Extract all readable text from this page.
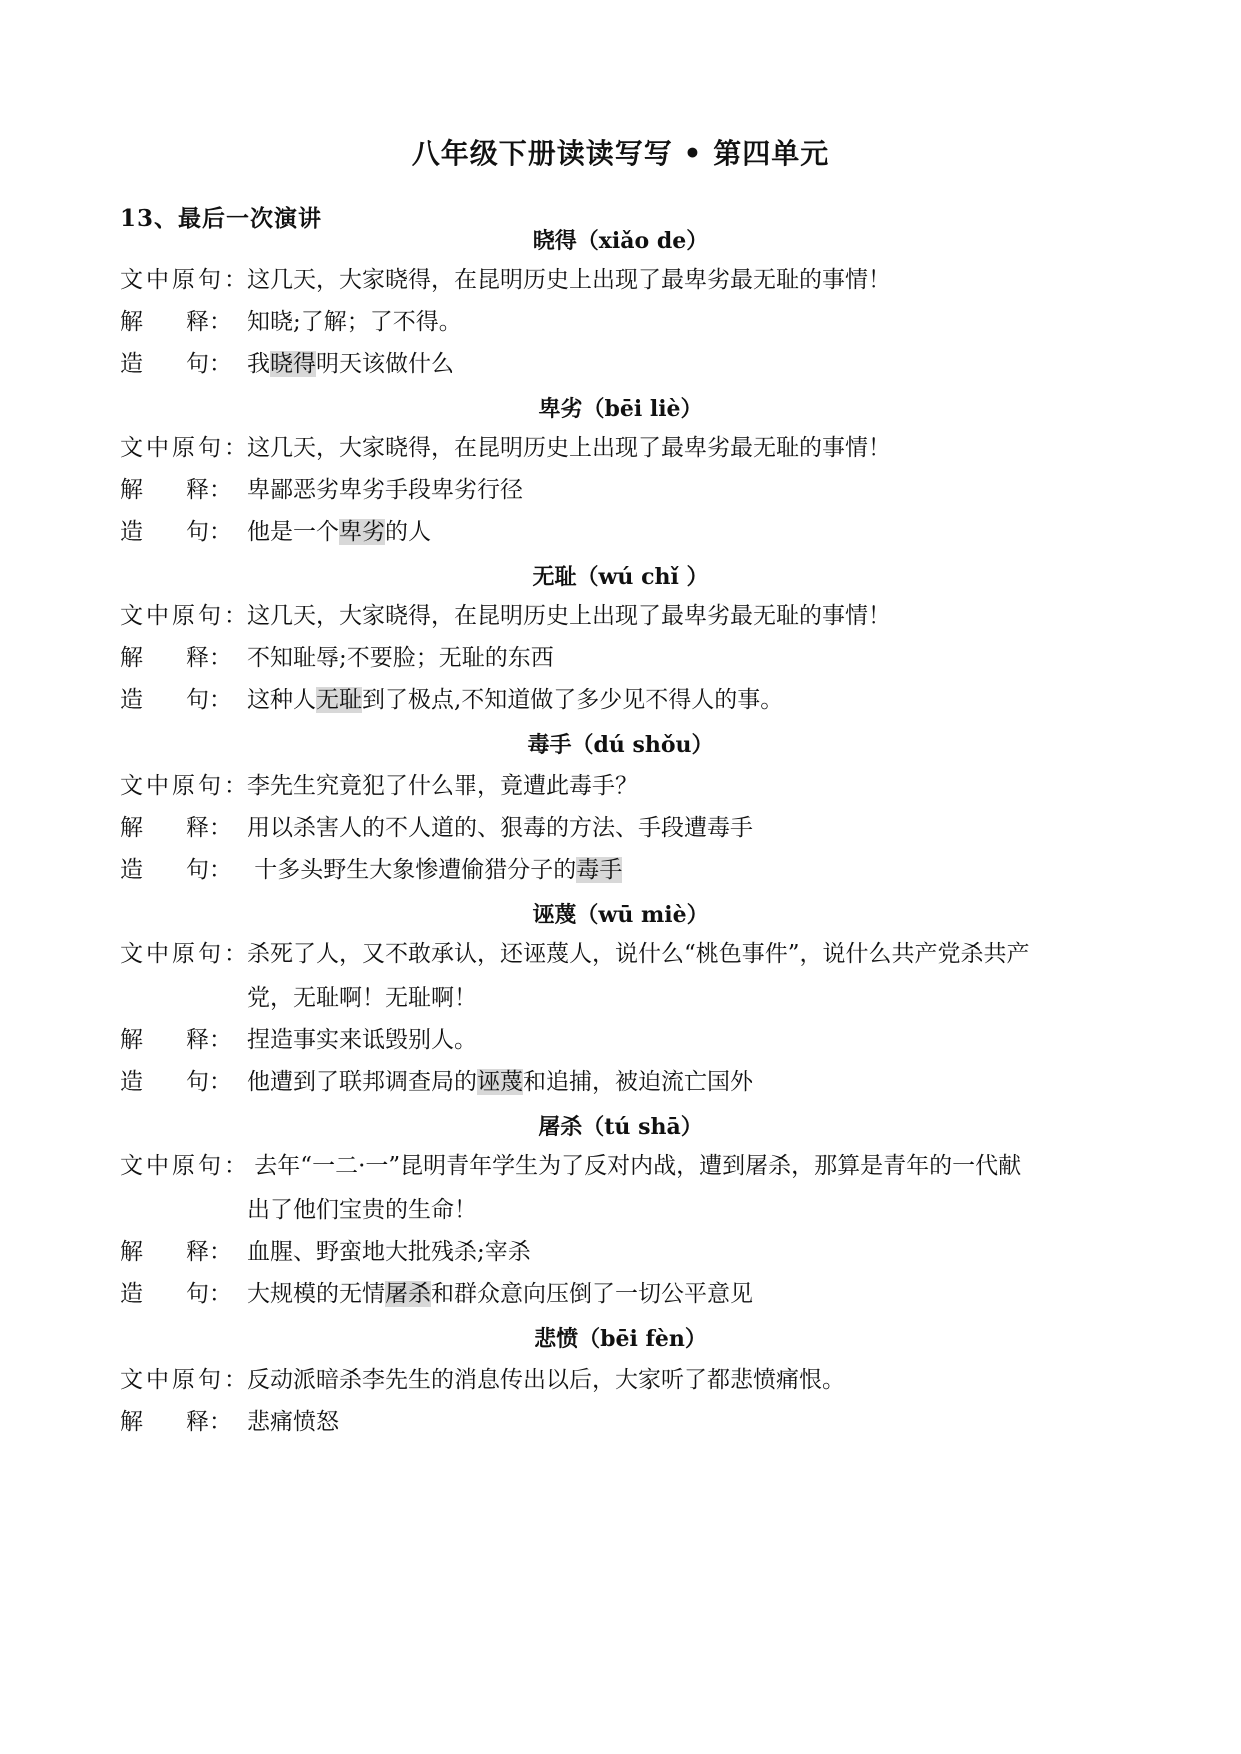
八年级下册读读写写 • 第四单元
13、最后一次演讲
晓得（xiǎo de）
文中原句：这几天，大家晓得，在昆明历史上出现了最卑劣最无耻的事情！
解 释： 知晓;了解；了不得。
造 句： 我晓得明天该做什么
卑劣（bēi liè）
文中原句：这几天，大家晓得，在昆明历史上出现了最卑劣最无耻的事情！
解 释： 卑鄙恶劣卑劣手段卑劣行径
造 句： 他是一个卑劣的人
无耻（wú chǐ ）
文中原句：这几天，大家晓得，在昆明历史上出现了最卑劣最无耻的事情！
解 释： 不知耻辱;不要脸；无耻的东西
造 句： 这种人无耻到了极点,不知道做了多少见不得人的事。
毒手（dú shǒu）
文中原句：李先生究竟犯了什么罪，竟遭此毒手？
解 释： 用以杀害人的不人道的、狠毒的方法、手段遭毒手
造 句： 十多头野生大象惨遭偷猎分子的毒手
诬蔑（wū miè）
文中原句：杀死了人，又不敢承认，还诬蔑人，说什么“桃色事件”，说什么共产党杀共产
党，无耻啊！无耻啊！
解 释： 捏造事实来诋毁别人。
造 句： 他遭到了联邦调查局的诬蔑和追捕，被迫流亡国外
屠杀（tú shā）
文中原句： 去年“一二·一”昆明青年学生为了反对内战，遭到屠杀，那算是青年的一代献
出了他们宝贵的生命！
解 释： 血腥、野蛮地大批残杀;宰杀
造 句： 大规模的无情屠杀和群众意向压倒了一切公平意见
悲愤（bēi fèn）
文中原句：反动派暗杀李先生的消息传出以后，大家听了都悲愤痛恨。
解 释： 悲痛愤怒
